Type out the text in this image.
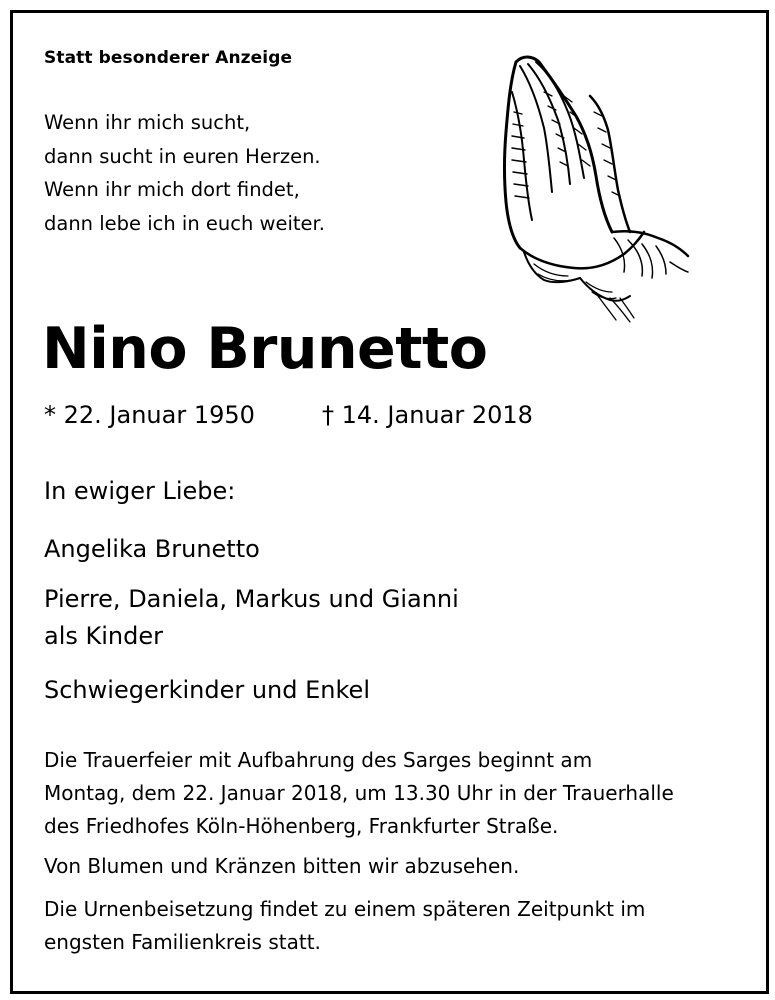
Statt besonderer Anzeige
Wenn ihr mich sucht,
dann sucht in euren Herzen.
Wenn ihr mich dort findet,
dann lebe ich in euch weiter.
Nino Brunetto
* 22. Januar 1950	† 14. Januar 2018
In ewiger Liebe:
Angelika Brunetto
Pierre, Daniela, Markus und Gianni
als Kinder
Schwiegerkinder und Enkel
Die Trauerfeier mit Aufbahrung des Sarges beginnt am
Montag, dem 22. Januar 2018, um 13.30 Uhr in der Trauerhalle
des Friedhofes Köln-Höhenberg, Frankfurter Straße.
Von Blumen und Kränzen bitten wir abzusehen.
Die Urnenbeisetzung findet zu einem späteren Zeitpunkt im
engsten Familienkreis statt.
